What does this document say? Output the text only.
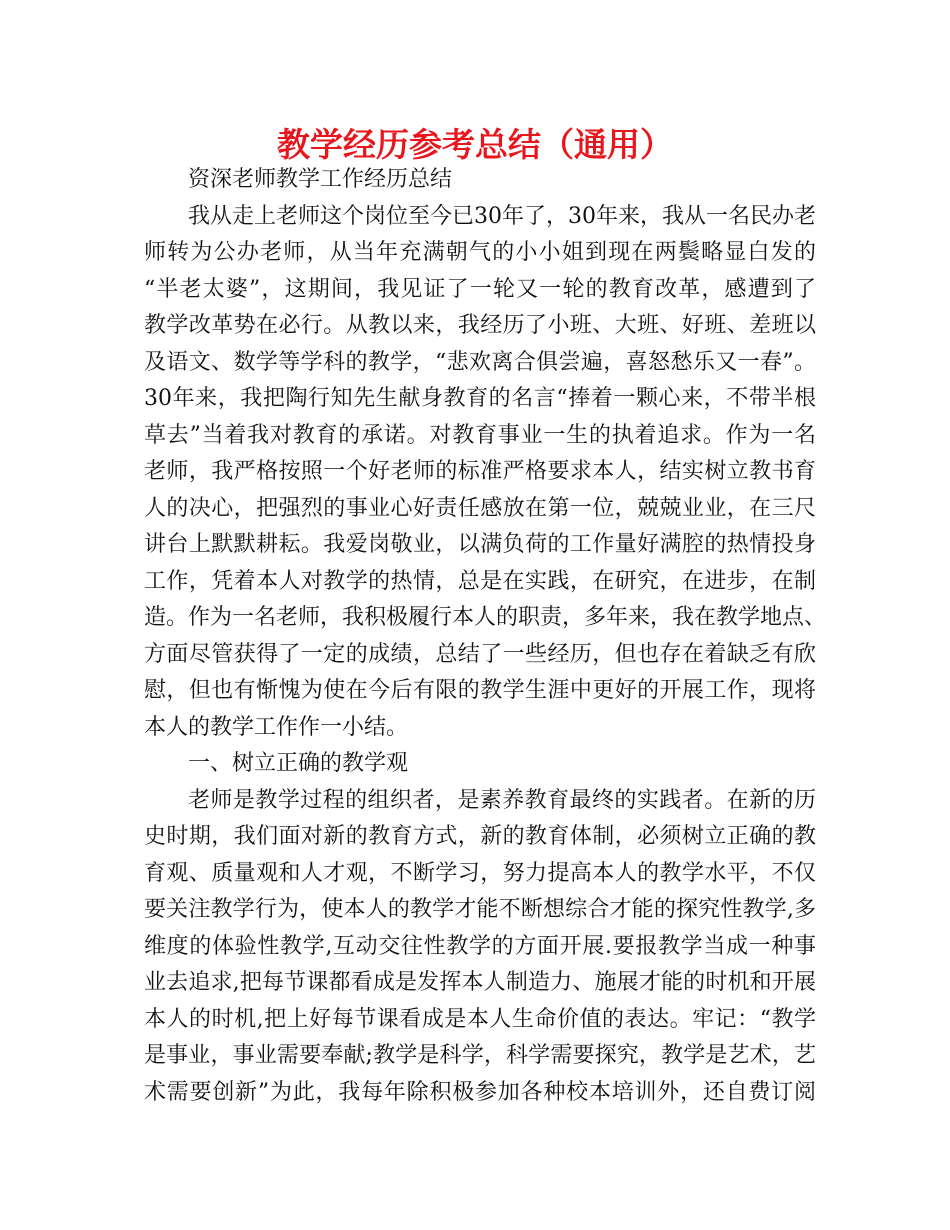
教学经历参考总结（通用）
资深老师教学工作经历总结
我从走上老师这个岗位至今已30年了，30年来，我从一名民办老
师转为公办老师，从当年充满朝气的小小姐到现在两鬓略显白发的
“半老太婆”，这期间，我见证了一轮又一轮的教育改革，感遭到了
教学改革势在必行。从教以来，我经历了小班、大班、好班、差班以
及语文、数学等学科的教学，“悲欢离合俱尝遍，喜怒愁乐又一春”。
30年来，我把陶行知先生献身教育的名言“捧着一颗心来，不带半根
草去”当着我对教育的承诺。对教育事业一生的执着追求。作为一名
老师，我严格按照一个好老师的标准严格要求本人，结实树立教书育
人的决心，把强烈的事业心好责任感放在第一位，兢兢业业，在三尺
讲台上默默耕耘。我爱岗敬业，以满负荷的工作量好满腔的热情投身
工作，凭着本人对教学的热情，总是在实践，在研究，在进步，在制
造。作为一名老师，我积极履行本人的职责，多年来，我在教学地点、
方面尽管获得了一定的成绩，总结了一些经历，但也存在着缺乏有欣
慰，但也有惭愧为使在今后有限的教学生涯中更好的开展工作，现将
本人的教学工作作一小结。
一、树立正确的教学观
老师是教学过程的组织者，是素养教育最终的实践者。在新的历
史时期，我们面对新的教育方式，新的教育体制，必须树立正确的教
育观、质量观和人才观，不断学习，努力提高本人的教学水平，不仅
要关注教学行为，使本人的教学才能不断想综合才能的探究性教学,多
维度的体验性教学,互动交往性教学的方面开展.要报教学当成一种事
业去追求,把每节课都看成是发挥本人制造力、施展才能的时机和开展
本人的时机,把上好每节课看成是本人生命价值的表达。牢记：“教学
是事业，事业需要奉献;教学是科学，科学需要探究，教学是艺术，艺
术需要创新”为此，我每年除积极参加各种校本培训外，还自费订阅
